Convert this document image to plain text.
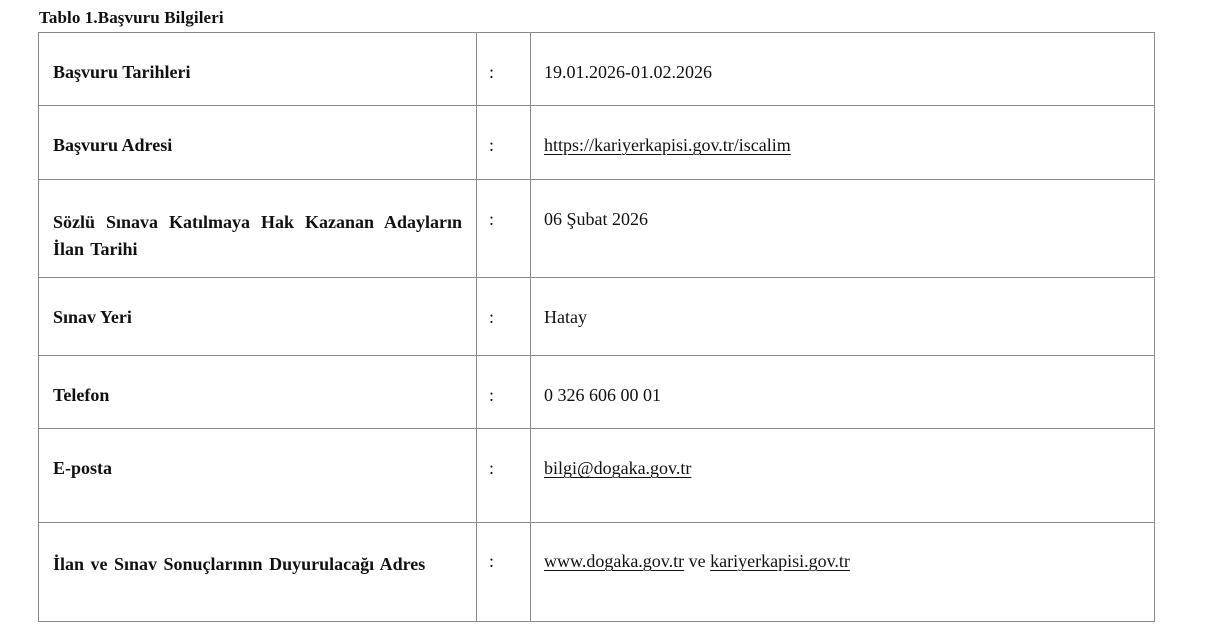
Tablo 1.Başvuru Bilgileri
Başvuru Tarihleri	:	19.01.2026-01.02.2026

Başvuru Adresi	:	https://kariyerkapisi.gov.tr/iscalim

Sözlü Sınava Katılmaya Hak Kazanan Adayların İlan Tarihi	:	06 Şubat 2026

Sınav Yeri	:	Hatay

Telefon	:	0 326 606 00 01

E-posta	:	bilgi@dogaka.gov.tr

İlan ve Sınav Sonuçlarının Duyurulacağı Adres	:	www.dogaka.gov.tr ve kariyerkapisi.gov.tr
